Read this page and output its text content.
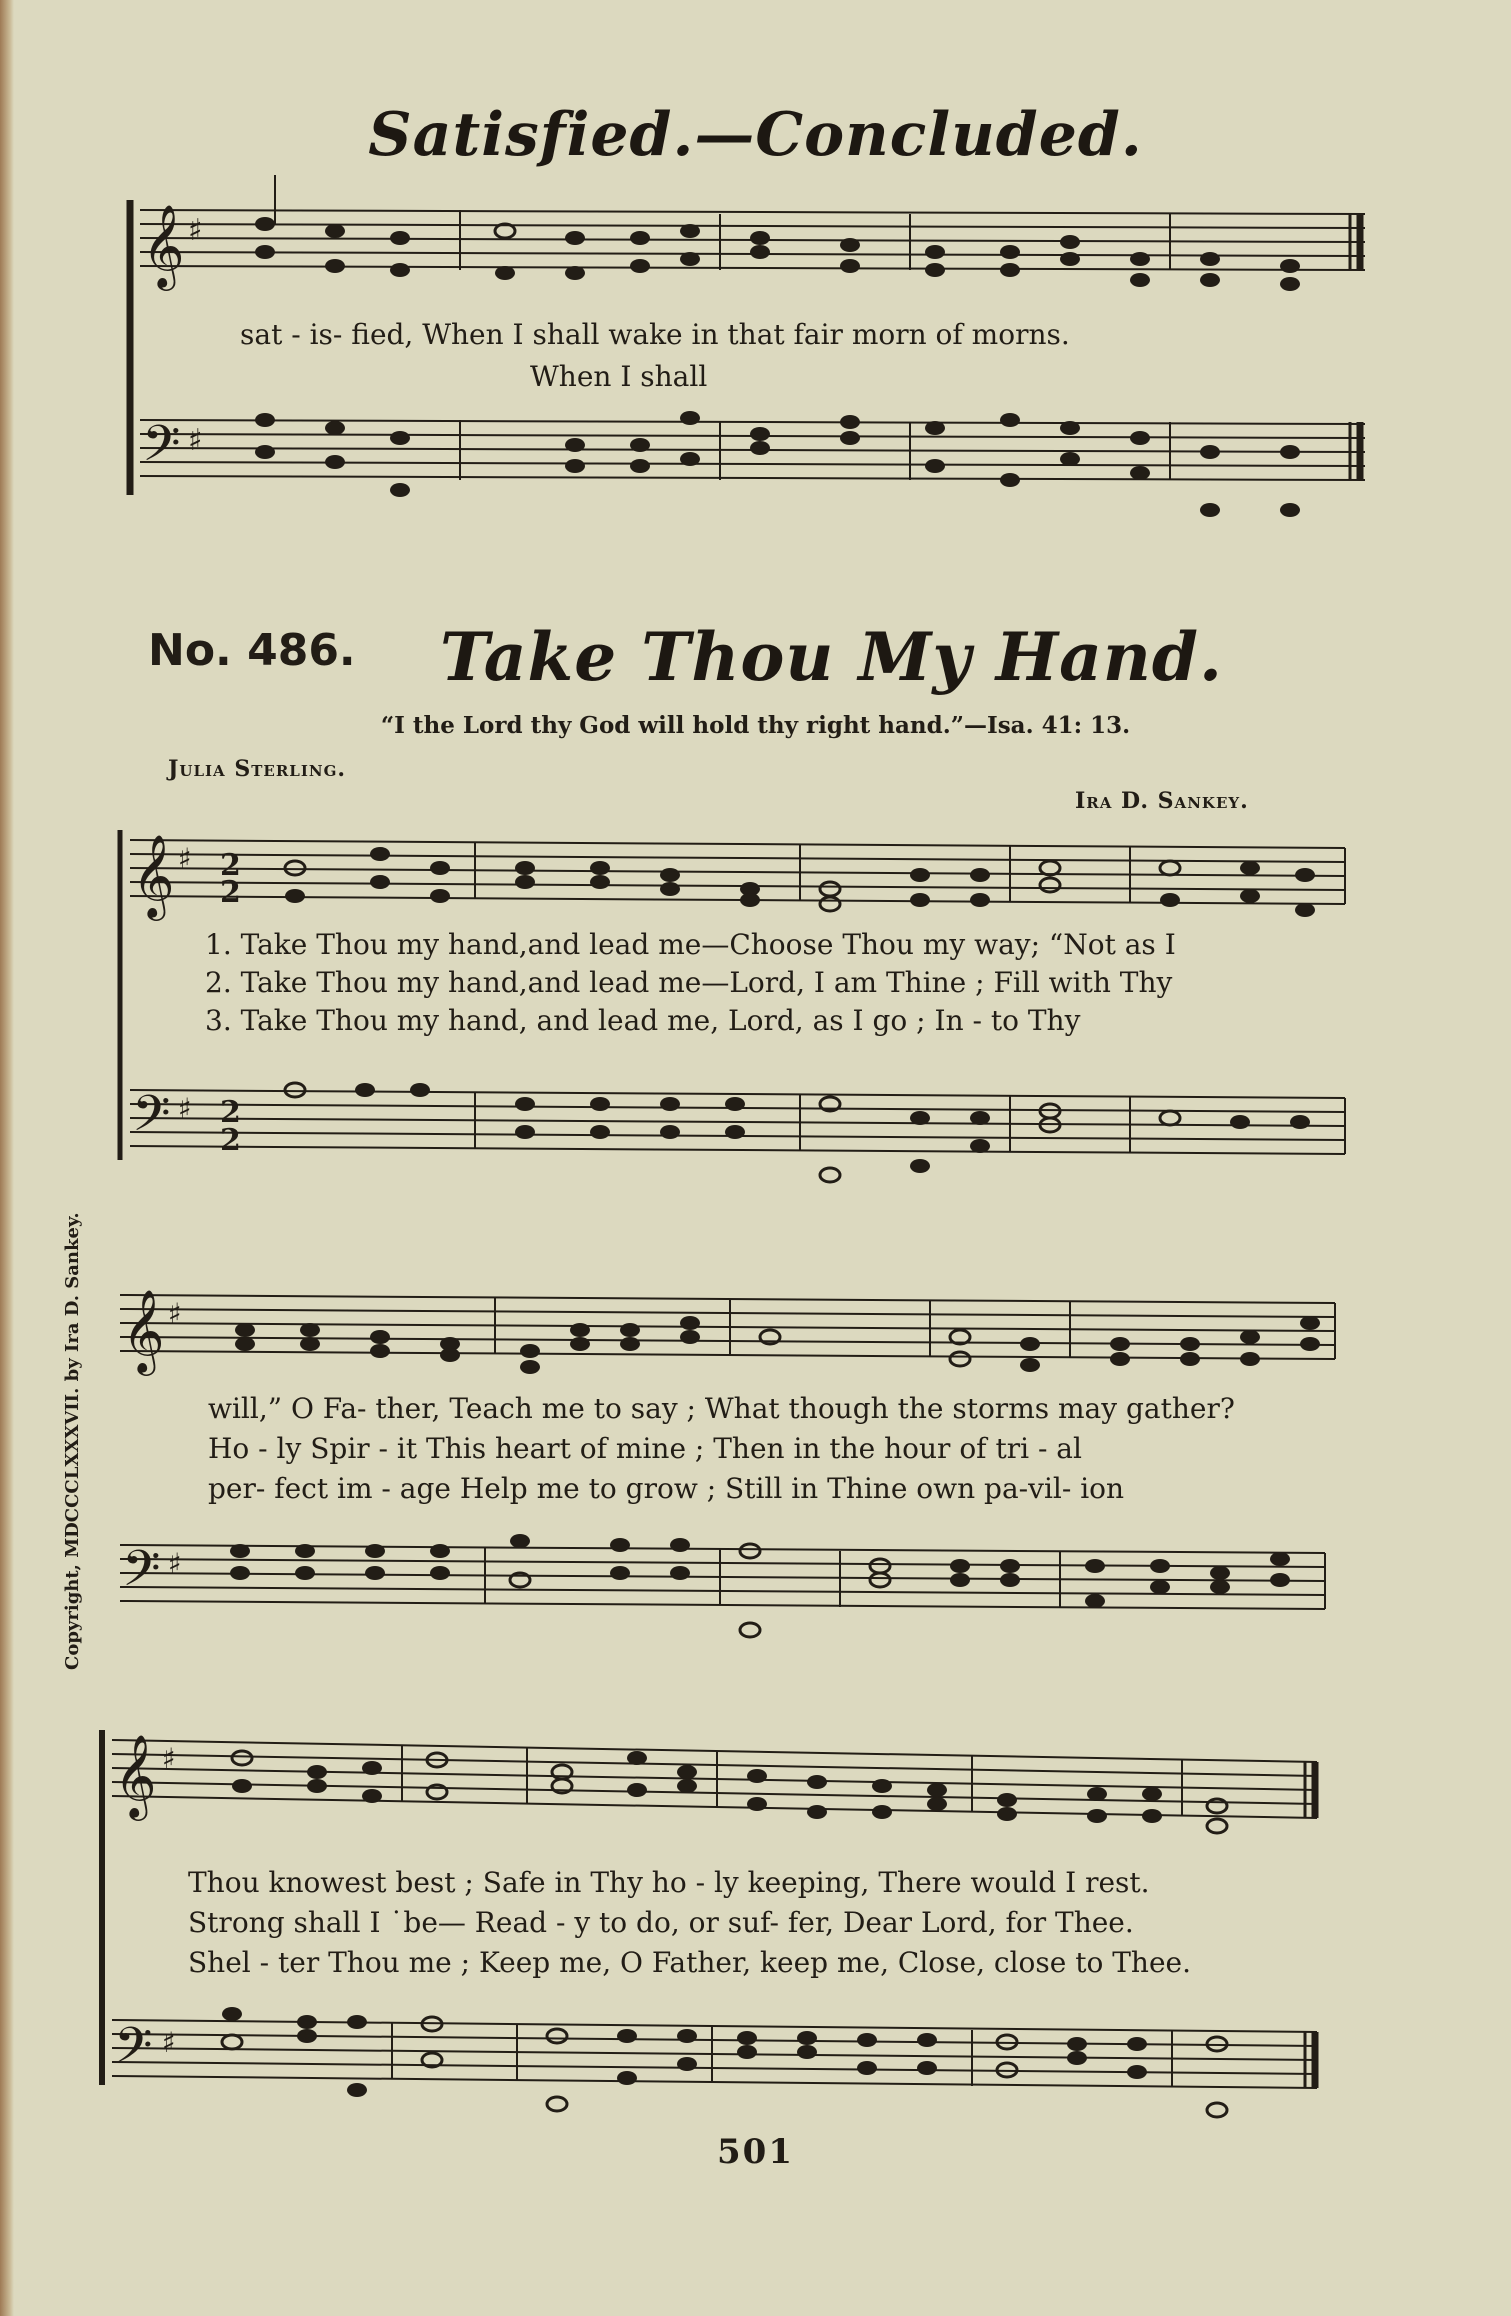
Satisfied.—Concluded.
𝄞 ♯
𝄢 ♯
sat - is- fied, When I shall wake in that fair morn of morns.
When I shall
No. 486. Take Thou My Hand.
“I the Lord thy God will hold thy right hand.”—Isa. 41: 13.
Julia Sterling.
Ira D. Sankey.
𝄞 ♯ 2
2
𝄢 ♯ 2
2
1. Take Thou my hand,and lead me—Choose Thou my way; “Not as I
2. Take Thou my hand,and lead me—Lord, I am Thine ; Fill with Thy
3. Take Thou my hand, and lead me, Lord, as I go ; In - to Thy
𝄞 ♯
𝄢 ♯
will,” O Fa- ther, Teach me to say ; What though the storms may gather?
Ho - ly Spir - it This heart of mine ; Then in the hour of tri - al
per- fect im - age Help me to grow ; Still in Thine own pa-vil- ion
Copyright, MDCCCLXXXVII. by Ira D. Sankey.
𝄞 ♯
𝄢 ♯
Thou knowest best ; Safe in Thy ho - ly keeping, There would I rest.
Strong shall I ˙be— Read - y to do, or suf- fer, Dear Lord, for Thee.
Shel - ter Thou me ; Keep me, O Father, keep me, Close, close to Thee.
501
